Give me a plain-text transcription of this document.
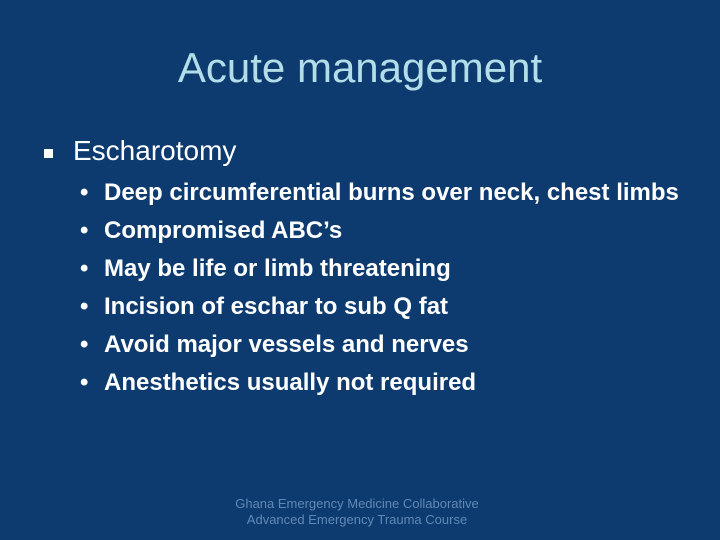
Acute management
Escharotomy
• Deep circumferential burns over neck, chest limbs
• Compromised ABC’s
• May be life or limb threatening
• Incision of eschar to sub Q fat
• Avoid major vessels and nerves
• Anesthetics usually not required
Ghana Emergency Medicine Collaborative
Advanced Emergency Trauma Course
